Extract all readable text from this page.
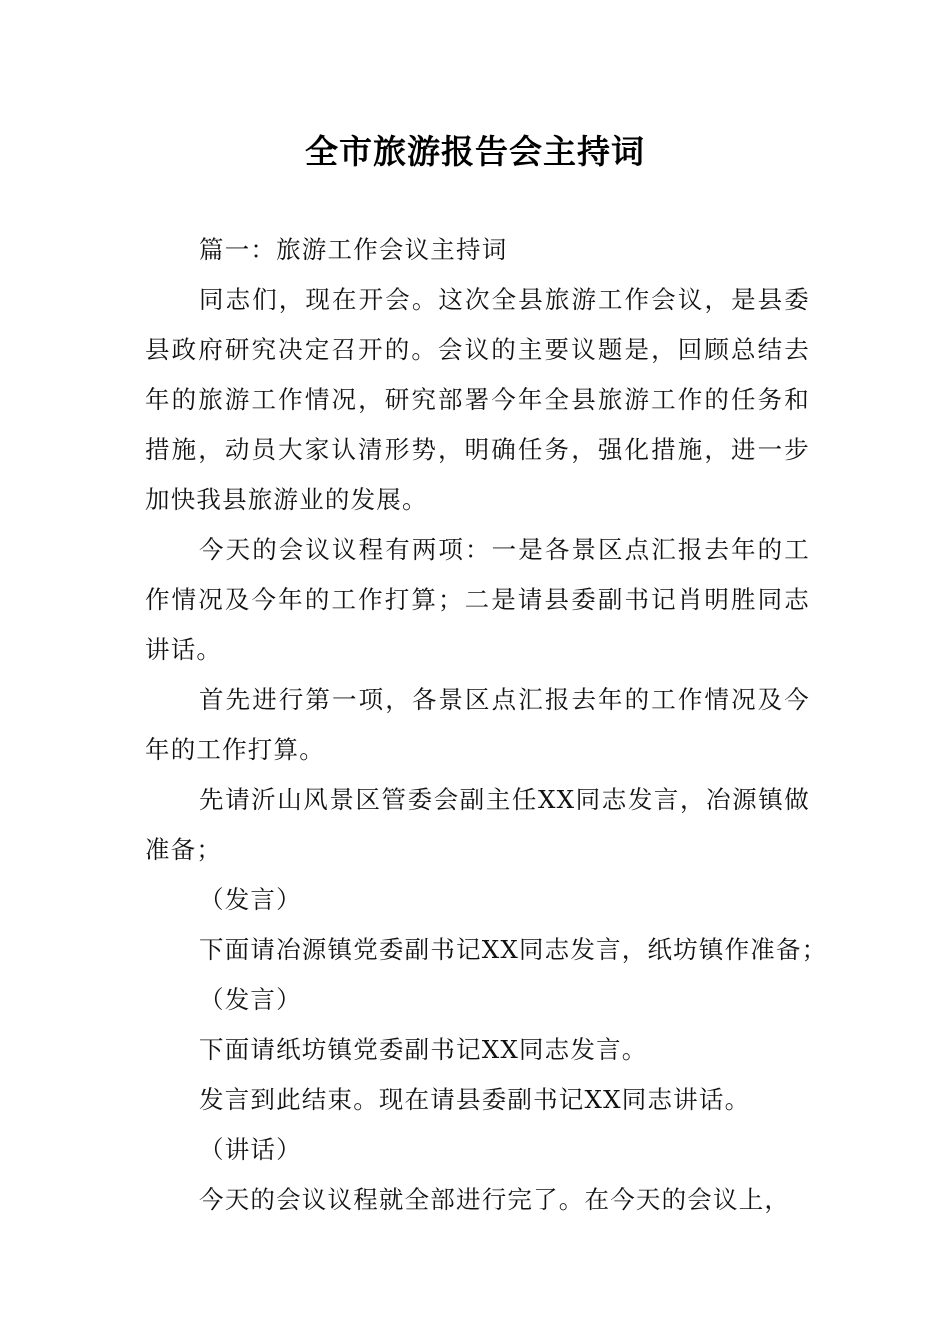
全市旅游报告会主持词

篇一：旅游工作会议主持词

同志们，现在开会。这次全县旅游工作会议，是县委县政府研究决定召开的。会议的主要议题是，回顾总结去年的旅游工作情况，研究部署今年全县旅游工作的任务和措施，动员大家认清形势，明确任务，强化措施，进一步加快我县旅游业的发展。

今天的会议议程有两项：一是各景区点汇报去年的工作情况及今年的工作打算；二是请县委副书记肖明胜同志讲话。

首先进行第一项，各景区点汇报去年的工作情况及今年的工作打算。

先请沂山风景区管委会副主任XX同志发言，冶源镇做准备；

（发言）

下面请冶源镇党委副书记XX同志发言，纸坊镇作准备；

（发言）

下面请纸坊镇党委副书记XX同志发言。

发言到此结束。现在请县委副书记XX同志讲话。

（讲话）

今天的会议议程就全部进行完了。在今天的会议上，
